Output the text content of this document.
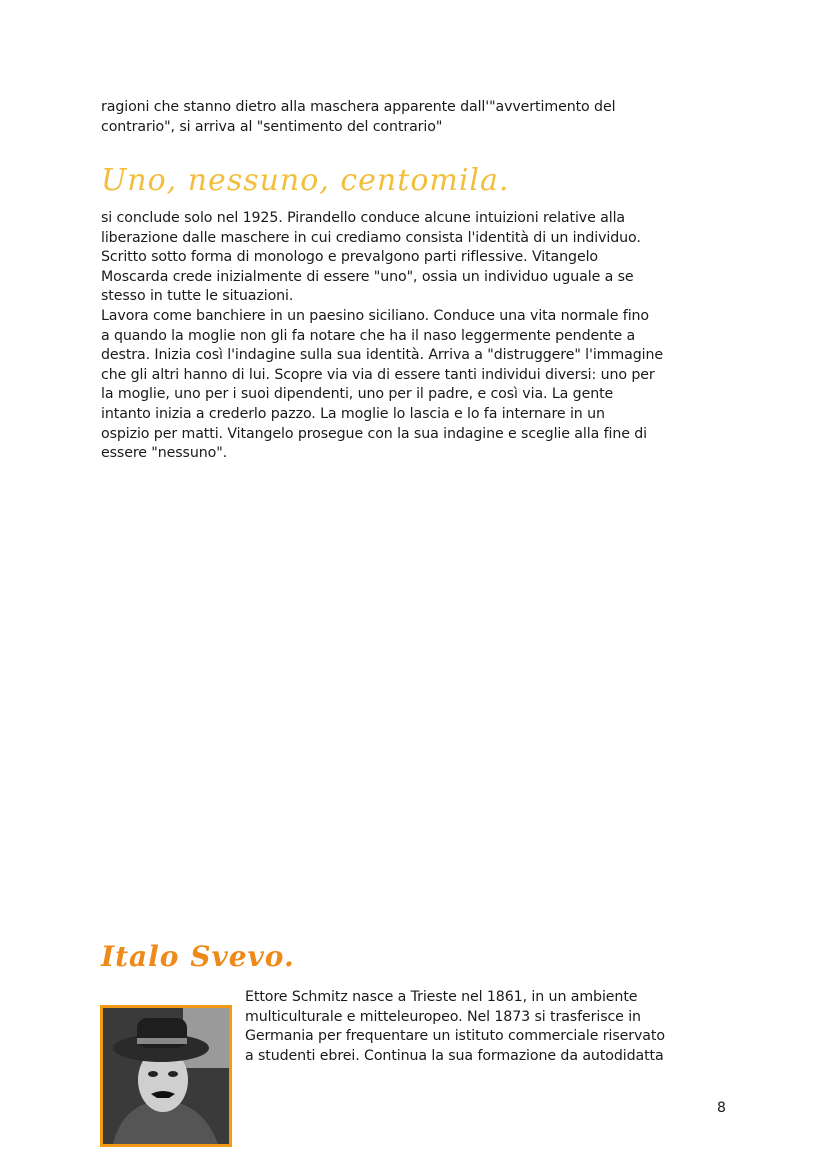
ragioni che stanno dietro alla maschera apparente dall'"avvertimento del
contrario", si arriva al "sentimento del contrario"
Uno, nessuno, centomila.
si conclude solo nel 1925. Pirandello conduce alcune intuizioni relative alla
liberazione dalle maschere in cui crediamo consista l'identità di un individuo.
Scritto sotto forma di monologo e prevalgono parti riflessive. Vitangelo
Moscarda crede inizialmente di essere "uno", ossia un individuo uguale a se
stesso in tutte le situazioni.
Lavora come banchiere in un paesino siciliano. Conduce una vita normale fino
a quando la moglie non gli fa notare che ha il naso leggermente pendente a
destra. Inizia così l'indagine sulla sua identità. Arriva a "distruggere" l'immagine
che gli altri hanno di lui. Scopre via via di essere tanti individui diversi: uno per
la moglie, uno per i suoi dipendenti, uno per il padre, e così via. La gente
intanto inizia a crederlo pazzo. La moglie lo lascia e lo fa internare in un
ospizio per matti. Vitangelo prosegue con la sua indagine e sceglie alla fine di
essere "nessuno".
Italo Svevo.
Ettore Schmitz nasce a Trieste nel 1861, in un ambiente
multiculturale e mitteleuropeo. Nel 1873 si trasferisce in
Germania per frequentare un istituto commerciale riservato
a studenti ebrei. Continua la sua formazione da autodidatta
8
